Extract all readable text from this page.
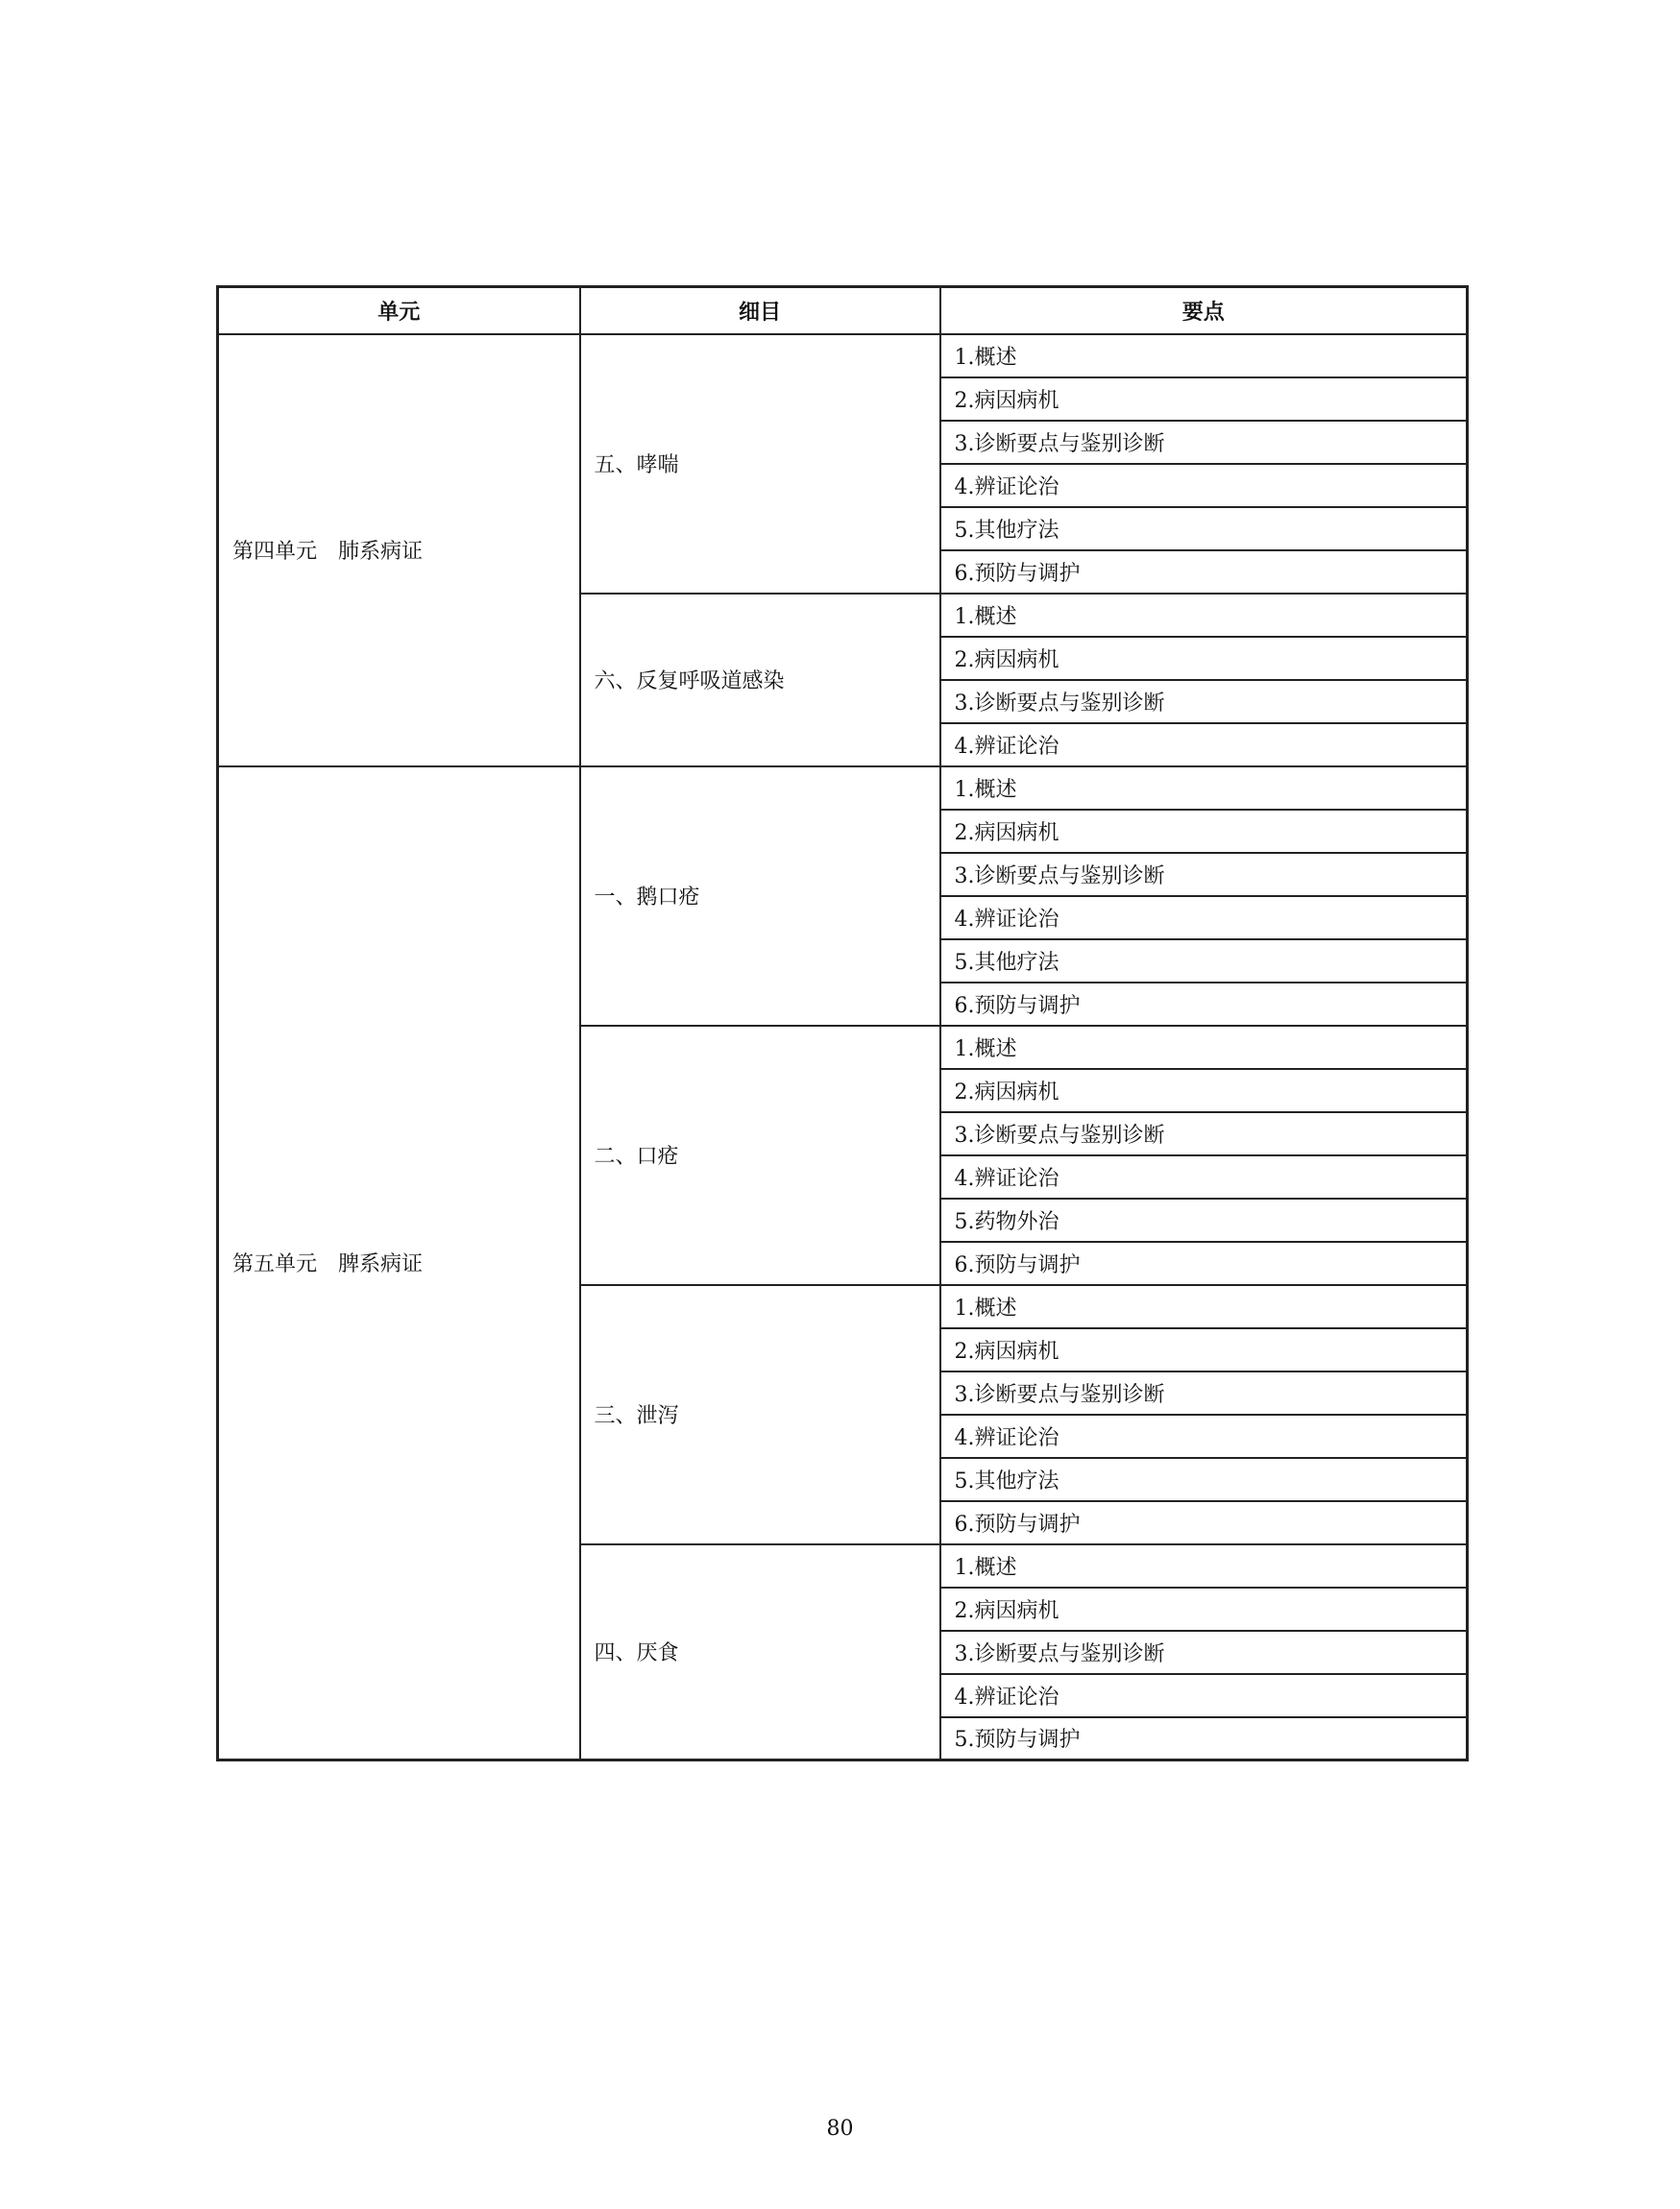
单元	细目	要点
第四单元　肺系病证	五、哮喘	1.概述
		2.病因病机
		3.诊断要点与鉴别诊断
		4.辨证论治
		5.其他疗法
		6.预防与调护
	六、反复呼吸道感染	1.概述
		2.病因病机
		3.诊断要点与鉴别诊断
		4.辨证论治
第五单元　脾系病证	一、鹅口疮	1.概述
		2.病因病机
		3.诊断要点与鉴别诊断
		4.辨证论治
		5.其他疗法
		6.预防与调护
	二、口疮	1.概述
		2.病因病机
		3.诊断要点与鉴别诊断
		4.辨证论治
		5.药物外治
		6.预防与调护
	三、泄泻	1.概述
		2.病因病机
		3.诊断要点与鉴别诊断
		4.辨证论治
		5.其他疗法
		6.预防与调护
	四、厌食	1.概述
		2.病因病机
		3.诊断要点与鉴别诊断
		4.辨证论治
		5.预防与调护
80
